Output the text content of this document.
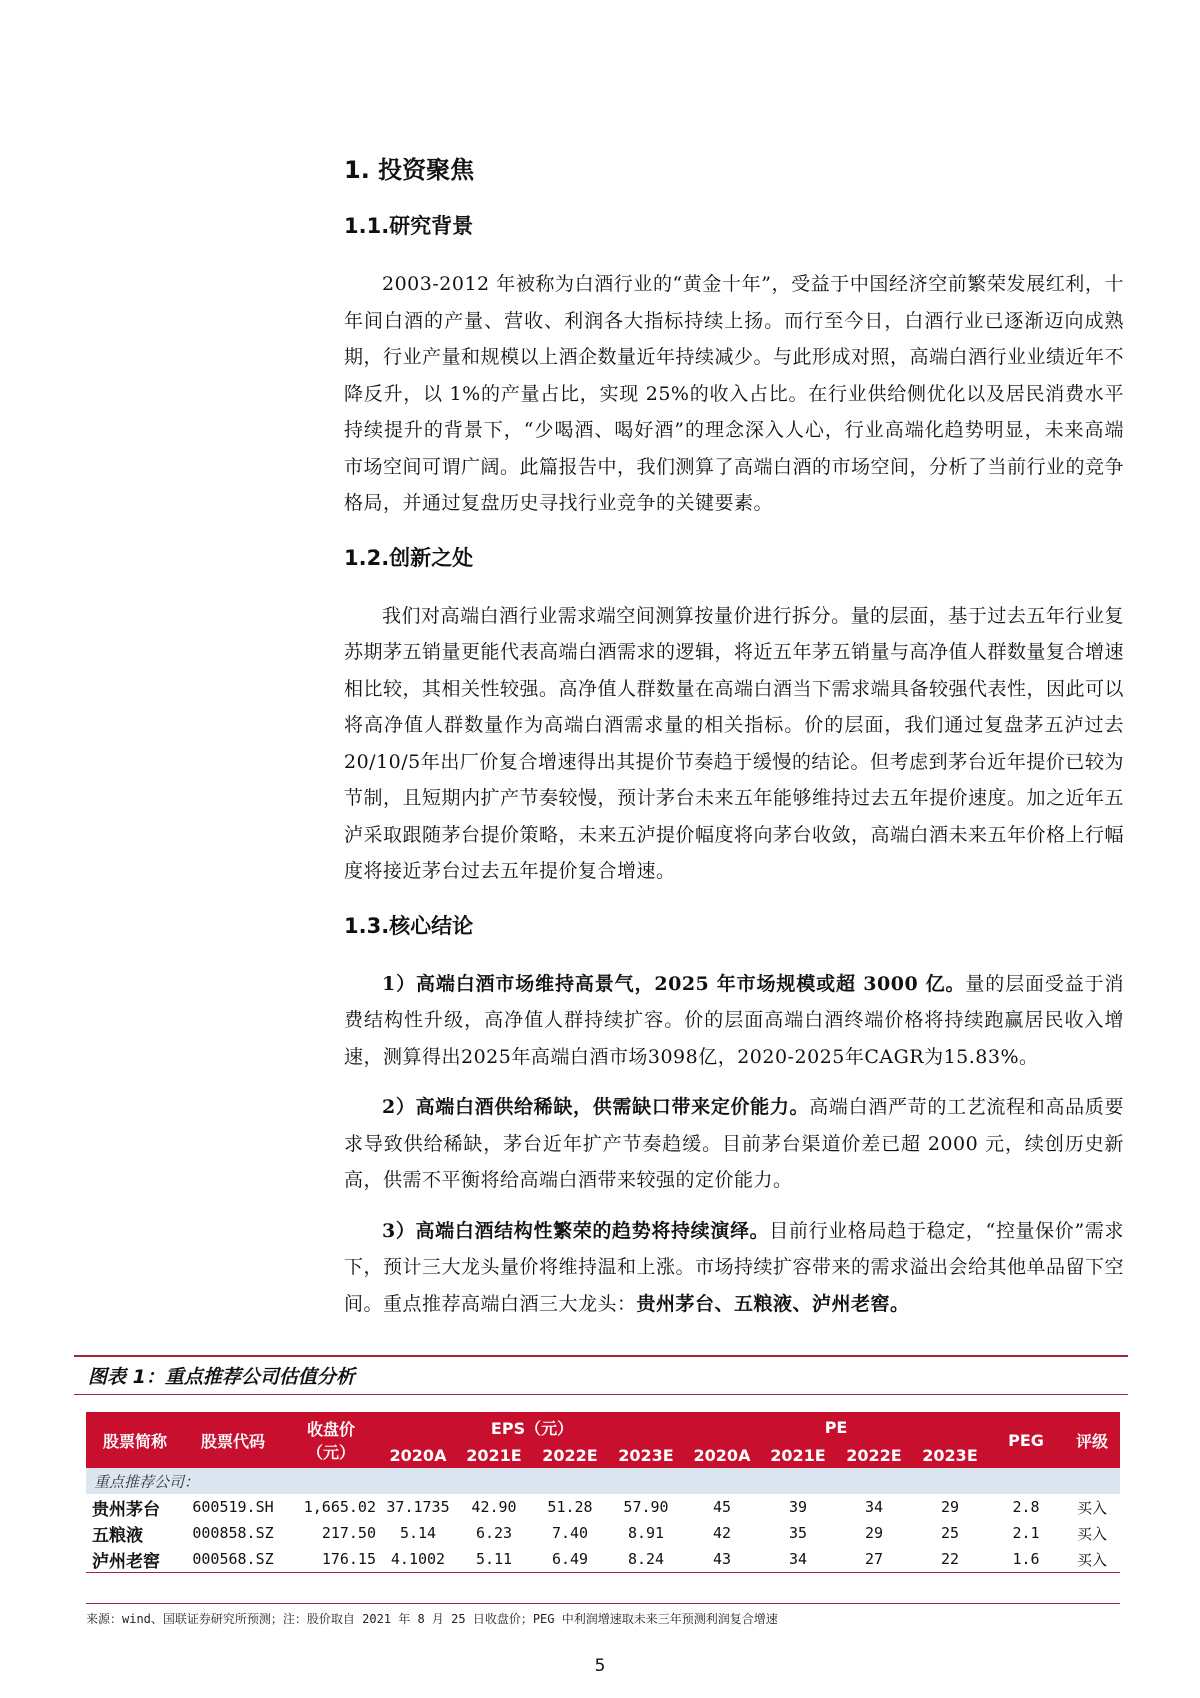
1. 投资聚焦
1.1.研究背景

2003-2012 年被称为白酒行业的“黄金十年”，受益于中国经济空前繁荣发展红利，十年间白酒的产量、营收、利润各大指标持续上扬。而行至今日，白酒行业已逐渐迈向成熟期，行业产量和规模以上酒企数量近年持续减少。与此形成对照，高端白酒行业业绩近年不降反升，以 1%的产量占比，实现 25%的收入占比。在行业供给侧优化以及居民消费水平持续提升的背景下，“少喝酒、喝好酒”的理念深入人心，行业高端化趋势明显，未来高端市场空间可谓广阔。此篇报告中，我们测算了高端白酒的市场空间，分析了当前行业的竞争格局，并通过复盘历史寻找行业竞争的关键要素。

1.2.创新之处

我们对高端白酒行业需求端空间测算按量价进行拆分。量的层面，基于过去五年行业复苏期茅五销量更能代表高端白酒需求的逻辑，将近五年茅五销量与高净值人群数量复合增速相比较，其相关性较强。高净值人群数量在高端白酒当下需求端具备较强代表性，因此可以将高净值人群数量作为高端白酒需求量的相关指标。价的层面，我们通过复盘茅五泸过去20/10/5年出厂价复合增速得出其提价节奏趋于缓慢的结论。但考虑到茅台近年提价已较为节制，且短期内扩产节奏较慢，预计茅台未来五年能够维持过去五年提价速度。加之近年五泸采取跟随茅台提价策略，未来五泸提价幅度将向茅台收敛，高端白酒未来五年价格上行幅度将接近茅台过去五年提价复合增速。

1.3.核心结论

1）高端白酒市场维持高景气，2025 年市场规模或超 3000 亿。量的层面受益于消费结构性升级，高净值人群持续扩容。价的层面高端白酒终端价格将持续跑赢居民收入增速，测算得出2025年高端白酒市场3098亿，2020-2025年CAGR为15.83%。

2）高端白酒供给稀缺，供需缺口带来定价能力。高端白酒严苛的工艺流程和高品质要求导致供给稀缺，茅台近年扩产节奏趋缓。目前茅台渠道价差已超 2000 元，续创历史新高，供需不平衡将给高端白酒带来较强的定价能力。

3）高端白酒结构性繁荣的趋势将持续演绎。目前行业格局趋于稳定，“控量保价”需求下，预计三大龙头量价将维持温和上涨。市场持续扩容带来的需求溢出会给其他单品留下空间。重点推荐高端白酒三大龙头：贵州茅台、五粮液、泸州老窖。

图表 1：重点推荐公司估值分析
股票简称	股票代码	收盘价
（元）	EPS（元）				PE				PEG	评级
			2020A	2021E	2022E	2023E	2020A	2021E	2022E	2023E		
重点推荐公司：												
贵州茅台	600519.SH	1,665.02	37.1735	42.90	51.28	57.90	45	39	34	29	2.8	买入
五粮液	000858.SZ	217.50	5.14	6.23	7.40	8.91	42	35	29	25	2.1	买入
泸州老窖	000568.SZ	176.15	4.1002	5.11	6.49	8.24	43	34	27	22	1.6	买入
来源：wind、国联证券研究所预测；注：股价取自 2021 年 8 月 25 日收盘价；PEG 中利润增速取未来三年预测利润复合增速
5
